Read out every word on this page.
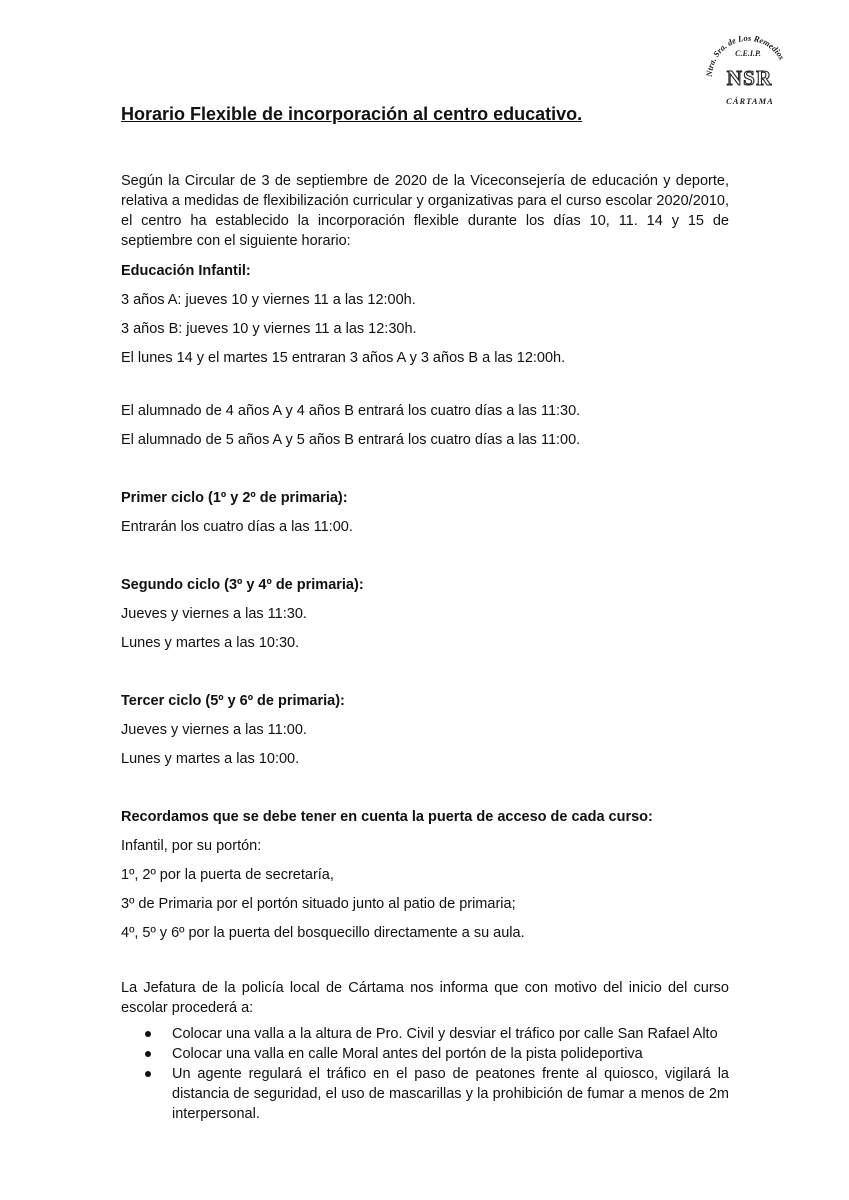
Ntra. Sra. de Los Remedios
C.E.I.P.
N S R
CÁRTAMA
Horario Flexible de incorporación al centro educativo.

Según la Circular de 3 de septiembre de 2020 de la Viceconsejería de educación y deporte, relativa a medidas de flexibilización curricular y organizativas para el curso escolar 2020/2010, el centro ha establecido la incorporación flexible durante los días 10, 11. 14 y 15 de septiembre con el siguiente horario:

Educación Infantil:

3 años A: jueves 10 y viernes 11 a las 12:00h.

3 años B: jueves 10 y viernes 11 a las 12:30h.

El lunes 14 y el martes 15 entraran 3 años A y 3 años B a las 12:00h.

El alumnado de 4 años A y 4 años B entrará los cuatro días a las 11:30.

El alumnado de 5 años A y 5 años B entrará los cuatro días a las 11:00.

Primer ciclo (1º y 2º de primaria):

Entrarán los cuatro días a las 11:00.

Segundo ciclo (3º y 4º de primaria):

Jueves y viernes a las 11:30.

Lunes y martes a las 10:30.

Tercer ciclo (5º y 6º de primaria):

Jueves y viernes a las 11:00.

Lunes y martes a las 10:00.

Recordamos que se debe tener en cuenta la puerta de acceso de cada curso:

Infantil, por su portón:

1º, 2º por la puerta de secretaría,

3º de Primaria por el portón situado junto al patio de primaria;

4º, 5º y 6º por la puerta del bosquecillo directamente a su aula.

La Jefatura de la policía local de Cártama nos informa que con motivo del inicio del curso escolar procederá a:

Colocar una valla a la altura de Pro. Civil y desviar el tráfico por calle San Rafael Alto
Colocar una valla en calle Moral antes del portón de la pista polideportiva
Un agente regulará el tráfico en el paso de peatones frente al quiosco, vigilará la distancia de seguridad, el uso de mascarillas y la prohibición de fumar a menos de 2m interpersonal.
